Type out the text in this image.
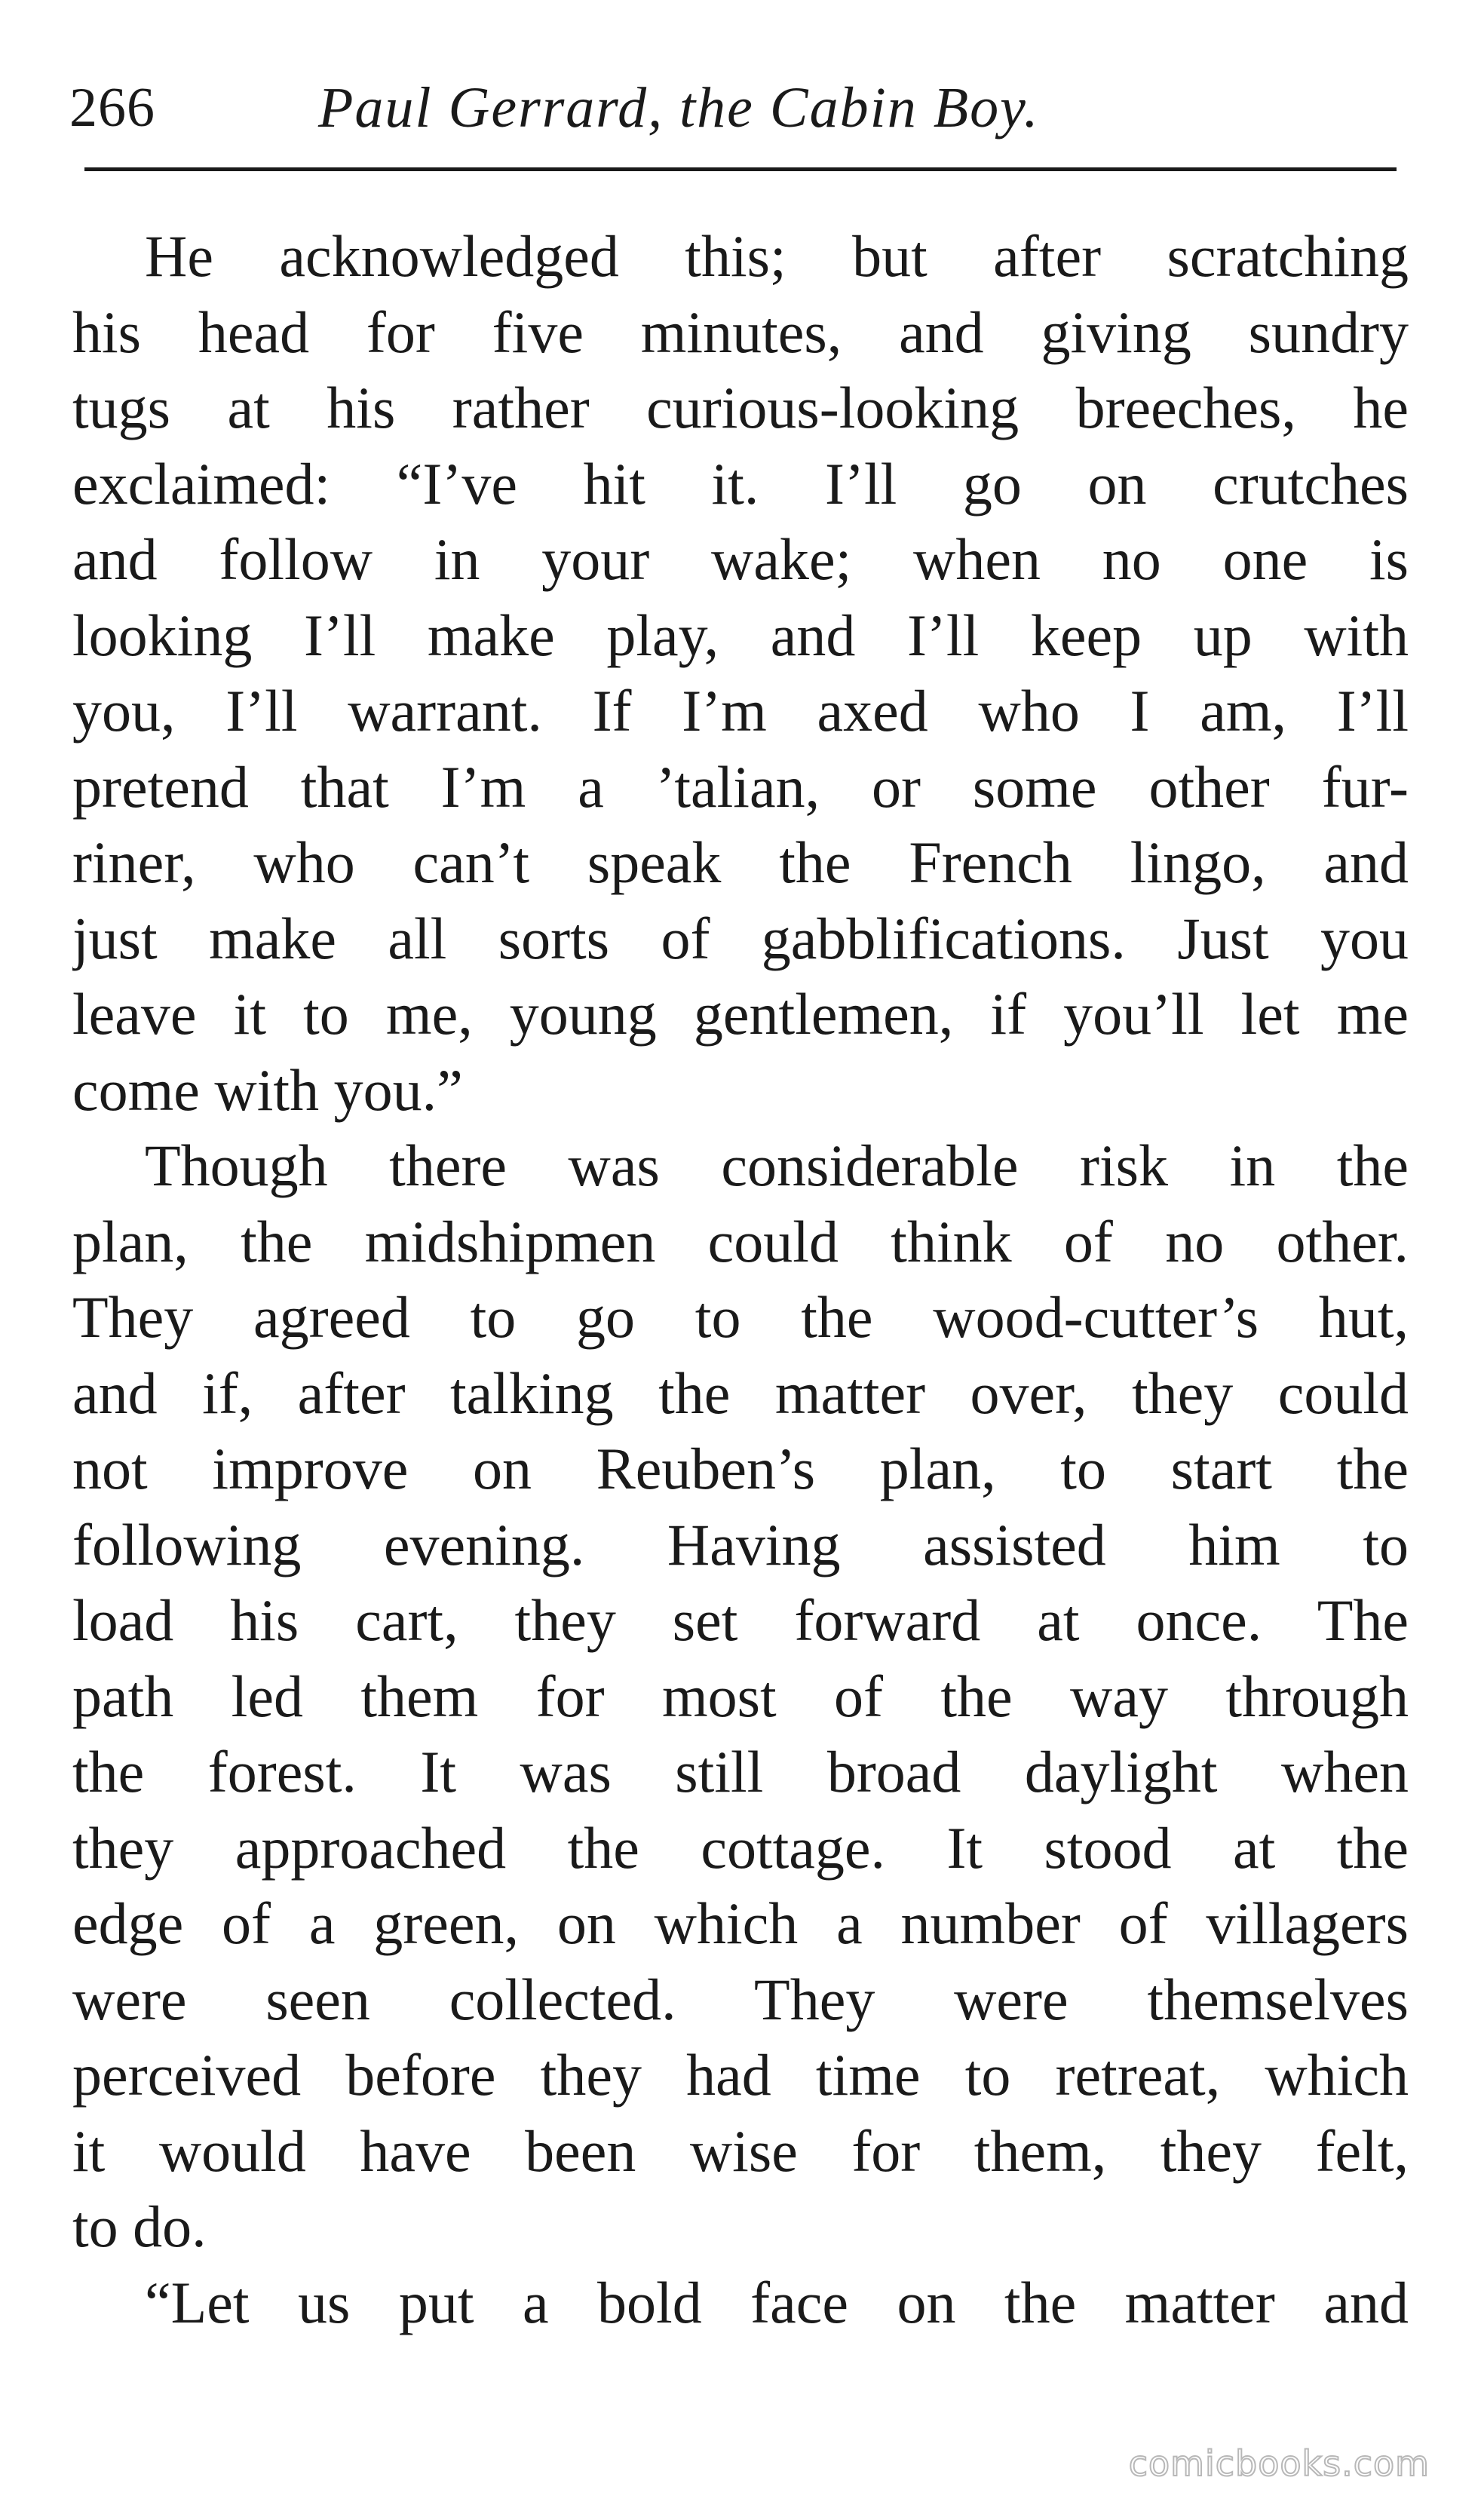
266	Paul Gerrard, the Cabin Boy.
He acknowledged this; but after scratching
his head for five minutes, and giving sundry
tugs at his rather curious-looking breeches, he
exclaimed: “I’ve hit it. I’ll go on crutches
and follow in your wake; when no one is
looking I’ll make play, and I’ll keep up with
you, I’ll warrant. If I’m axed who I am, I’ll
pretend that I’m a ’talian, or some other fur-
riner, who can’t speak the French lingo, and
just make all sorts of gabblifications. Just you
leave it to me, young gentlemen, if you’ll let me
come with you.”
Though there was considerable risk in the
plan, the midshipmen could think of no other.
They agreed to go to the wood-cutter’s hut,
and if, after talking the matter over, they could
not improve on Reuben’s plan, to start the
following evening. Having assisted him to
load his cart, they set forward at once. The
path led them for most of the way through
the forest. It was still broad daylight when
they approached the cottage. It stood at the
edge of a green, on which a number of villagers
were seen collected. They were themselves
perceived before they had time to retreat, which
it would have been wise for them, they felt,
to do.
“Let us put a bold face on the matter and
comicbooks.com
